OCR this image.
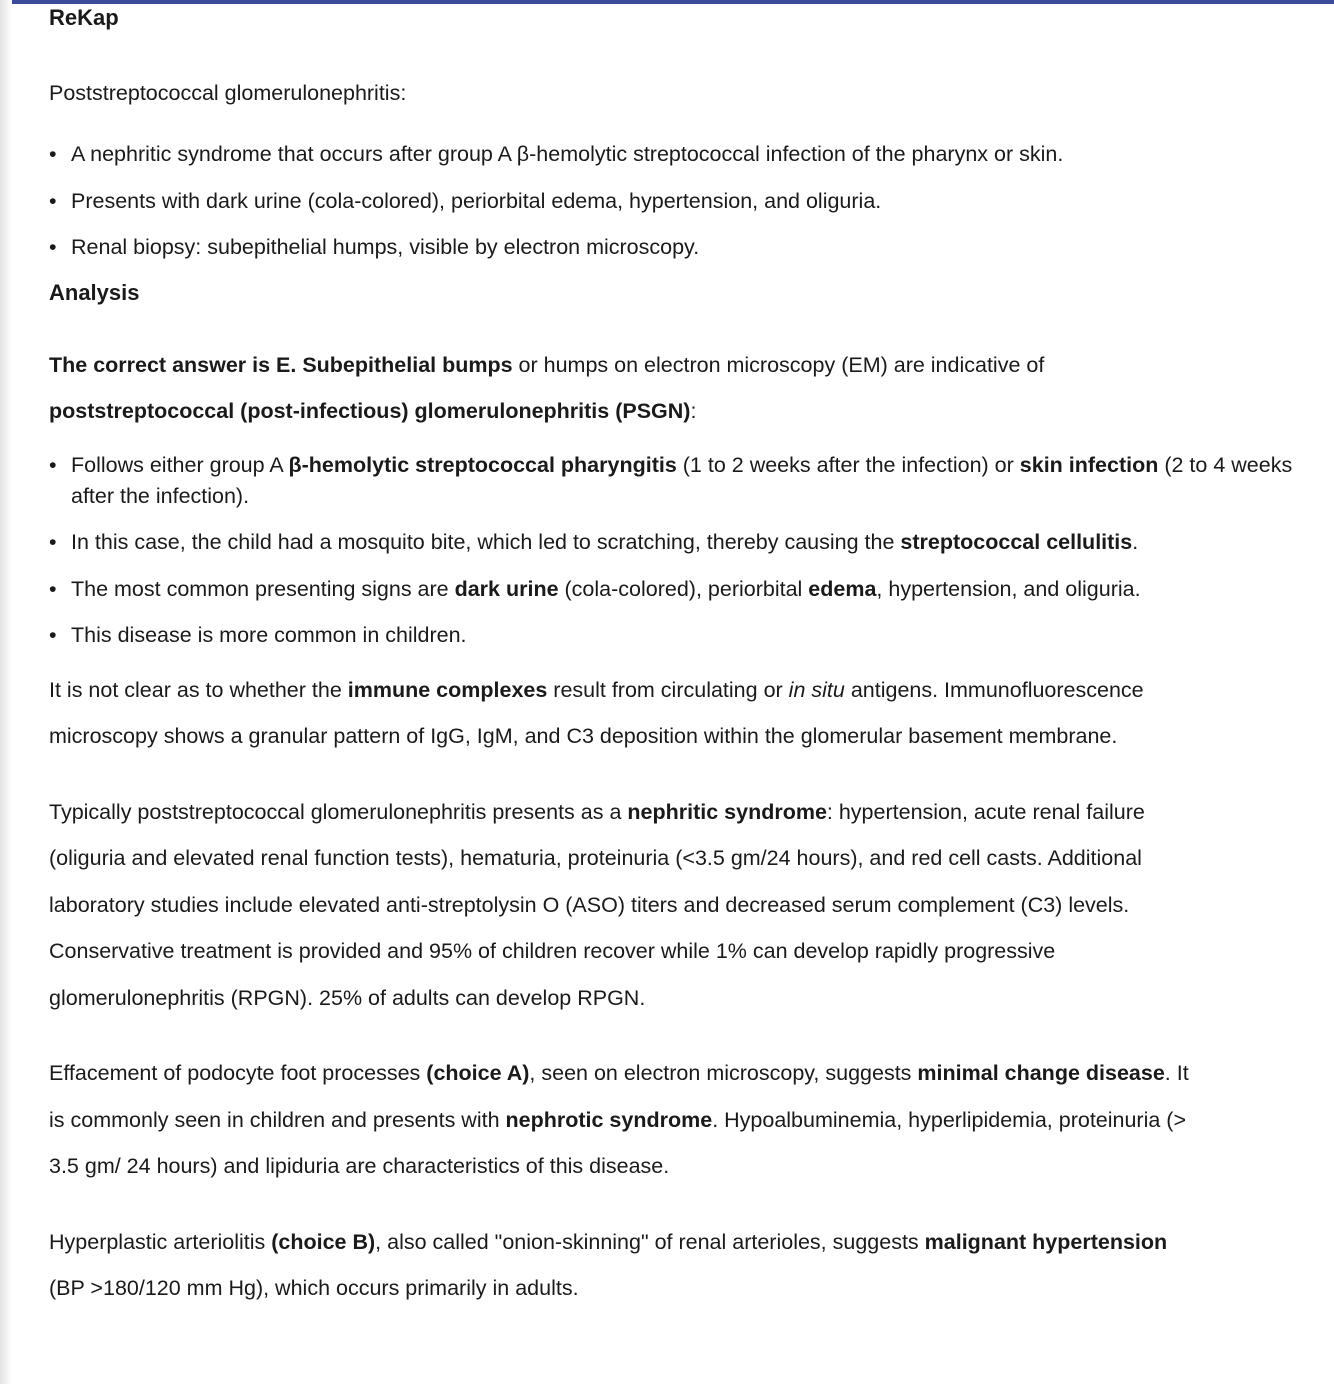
ReKap
Poststreptococcal glomerulonephritis:
• A nephritic syndrome that occurs after group A β-hemolytic streptococcal infection of the pharynx or skin.
• Presents with dark urine (cola-colored), periorbital edema, hypertension, and oliguria.
• Renal biopsy: subepithelial humps, visible by electron microscopy.
Analysis
The correct answer is E. Subepithelial bumps or humps on electron microscopy (EM) are indicative of
poststreptococcal (post-infectious) glomerulonephritis (PSGN):
• Follows either group A β-hemolytic streptococcal pharyngitis (1 to 2 weeks after the infection) or skin infection (2 to 4 weeks after the infection).
• In this case, the child had a mosquito bite, which led to scratching, thereby causing the streptococcal cellulitis.
• The most common presenting signs are dark urine (cola-colored), periorbital edema, hypertension, and oliguria.
• This disease is more common in children.
It is not clear as to whether the immune complexes result from circulating or in situ antigens. Immunofluorescence
microscopy shows a granular pattern of IgG, IgM, and C3 deposition within the glomerular basement membrane.
Typically poststreptococcal glomerulonephritis presents as a nephritic syndrome: hypertension, acute renal failure
(oliguria and elevated renal function tests), hematuria, proteinuria (<3.5 gm/24 hours), and red cell casts. Additional
laboratory studies include elevated anti-streptolysin O (ASO) titers and decreased serum complement (C3) levels.
Conservative treatment is provided and 95% of children recover while 1% can develop rapidly progressive
glomerulonephritis (RPGN). 25% of adults can develop RPGN.
Effacement of podocyte foot processes (choice A), seen on electron microscopy, suggests minimal change disease. It
is commonly seen in children and presents with nephrotic syndrome. Hypoalbuminemia, hyperlipidemia, proteinuria (>
3.5 gm/ 24 hours) and lipiduria are characteristics of this disease.
Hyperplastic arteriolitis (choice B), also called "onion-skinning" of renal arterioles, suggests malignant hypertension
(BP >180/120 mm Hg), which occurs primarily in adults.
